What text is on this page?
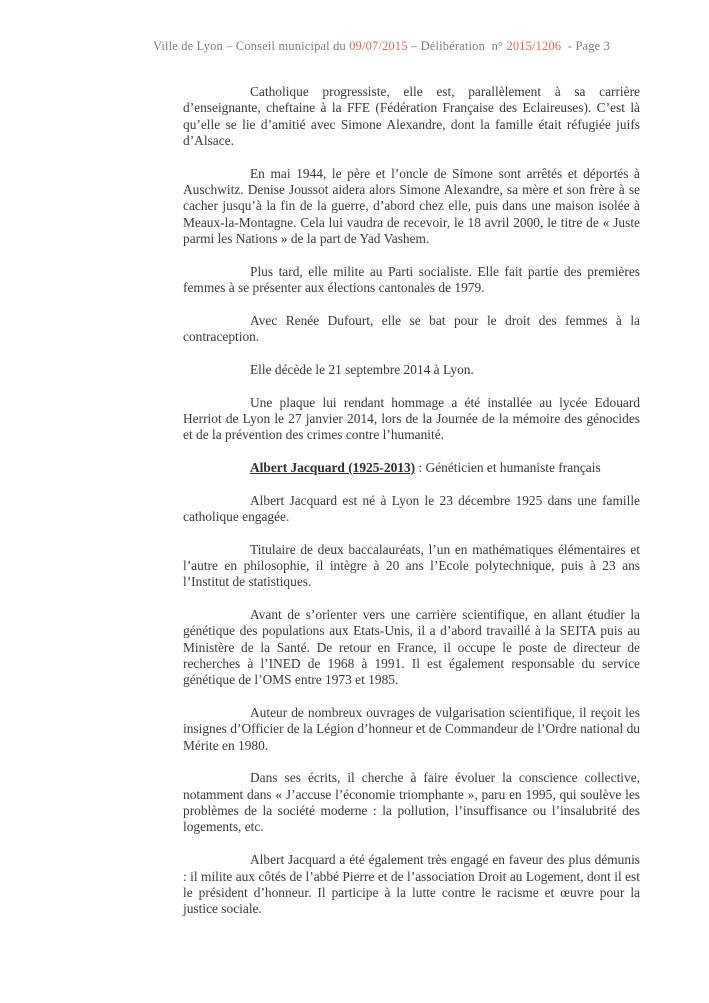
Ville de Lyon – Conseil municipal du 09/07/2015 – Délibération  n° 2015/1206  - Page 3

Catholique progressiste, elle est, parallèlement à sa carrière d’enseignante, cheftaine à la FFE (Fédération Française des Eclaireuses). C’est là qu’elle se lie d’amitié avec Simone Alexandre, dont la famille était réfugiée juifs d’Alsace.

En mai 1944, le père et l’oncle de Simone sont arrêtés et déportés à Auschwitz. Denise Joussot aidera alors Simone Alexandre, sa mère et son frère à se cacher jusqu’à la fin de la guerre, d’abord chez elle, puis dans une maison isolée à Meaux-la-Montagne. Cela lui vaudra de recevoir, le 18 avril 2000, le titre de « Juste parmi les Nations » de la part de Yad Vashem.

Plus tard, elle milite au Parti socialiste. Elle fait partie des premières femmes à se présenter aux élections cantonales de 1979.

Avec Renée Dufourt, elle se bat pour le droit des femmes à la contraception.

Elle décède le 21 septembre 2014 à Lyon.

Une plaque lui rendant hommage a été installée au lycée Edouard Herriot de Lyon le 27 janvier 2014, lors de la Journée de la mémoire des génocides et de la prévention des crimes contre l’humanité.

Albert Jacquard (1925-2013) : Généticien et humaniste français

Albert Jacquard est né à Lyon le 23 décembre 1925 dans une famille catholique engagée.

Titulaire de deux baccalauréats, l’un en mathématiques élémentaires et l’autre en philosophie, il intègre à 20 ans l’Ecole polytechnique, puis à 23 ans l’Institut de statistiques.

Avant de s’orienter vers une carrière scientifique, en allant étudier la génétique des populations aux Etats-Unis, il a d’abord travaillé à la SEITA puis au Ministère de la Santé. De retour en France, il occupe le poste de directeur de recherches à l’INED de 1968 à 1991. Il est également responsable du service génétique de l’OMS entre 1973 et 1985.

Auteur de nombreux ouvrages de vulgarisation scientifique, il reçoit les insignes d’Officier de la Légion d’honneur et de Commandeur de l’Ordre national du Mérite en 1980.

Dans ses écrits, il cherche à faire évoluer la conscience collective, notamment dans « J’accuse l’économie triomphante », paru en 1995, qui soulève les problèmes de la société moderne : la pollution, l’insuffisance ou l’insalubrité des logements, etc.

Albert Jacquard a été également très engagé en faveur des plus démunis : il milite aux côtés de l’abbé Pierre et de l’association Droit au Logement, dont il est le président d’honneur. Il participe à la lutte contre le racisme et œuvre pour la justice sociale.
